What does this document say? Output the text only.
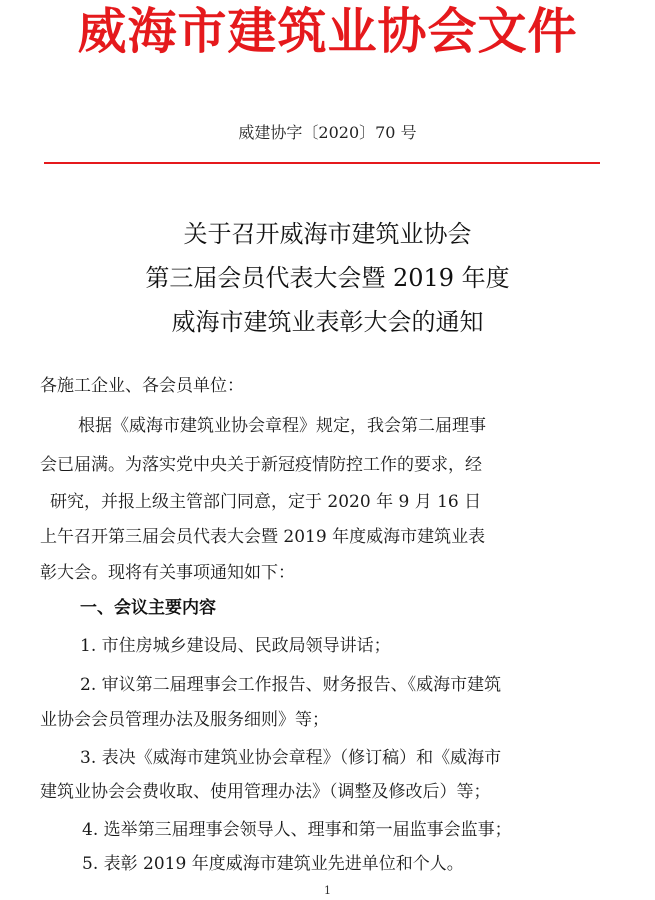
威海市建筑业协会文件
威建协字〔2020〕70 号
关于召开威海市建筑业协会
第三届会员代表大会暨 2019 年度
威海市建筑业表彰大会的通知
各施工企业、各会员单位：
根据《威海市建筑业协会章程》规定，我会第二届理事
会已届满。为落实党中央关于新冠疫情防控工作的要求，经
研究，并报上级主管部门同意，定于 2020 年 9 月 16 日
上午召开第三届会员代表大会暨 2019 年度威海市建筑业表
彰大会。现将有关事项通知如下：
一、会议主要内容
1. 市住房城乡建设局、民政局领导讲话；
2. 审议第二届理事会工作报告、财务报告、《威海市建筑
业协会会员管理办法及服务细则》等；
3. 表决《威海市建筑业协会章程》（修订稿）和《威海市
建筑业协会会费收取、使用管理办法》（调整及修改后）等；
4. 选举第三届理事会领导人、理事和第一届监事会监事；
5. 表彰 2019 年度威海市建筑业先进单位和个人。
1
